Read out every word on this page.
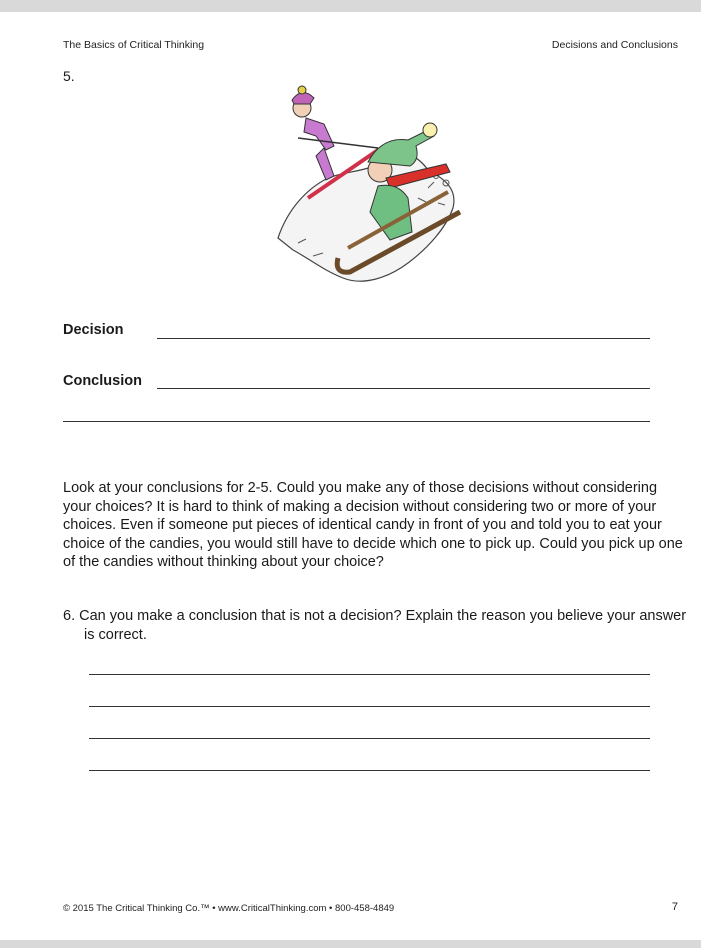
The Basics of Critical Thinking	Decisions and Conclusions
5.
Decision
Conclusion

Look at your conclusions for 2-5. Could you make any of those decisions without considering your choices? It is hard to think of making a decision without considering two or more of your choices. Even if someone put pieces of identical candy in front of you and told you to eat your choice of the candies, you would still have to decide which one to pick up. Could you pick up one of the candies without thinking about your choice?

6. Can you make a conclusion that is not a decision? Explain the reason you believe your answer is correct.

© 2015 The Critical Thinking Co.™ • www.CriticalThinking.com • 800-458-4849	7
